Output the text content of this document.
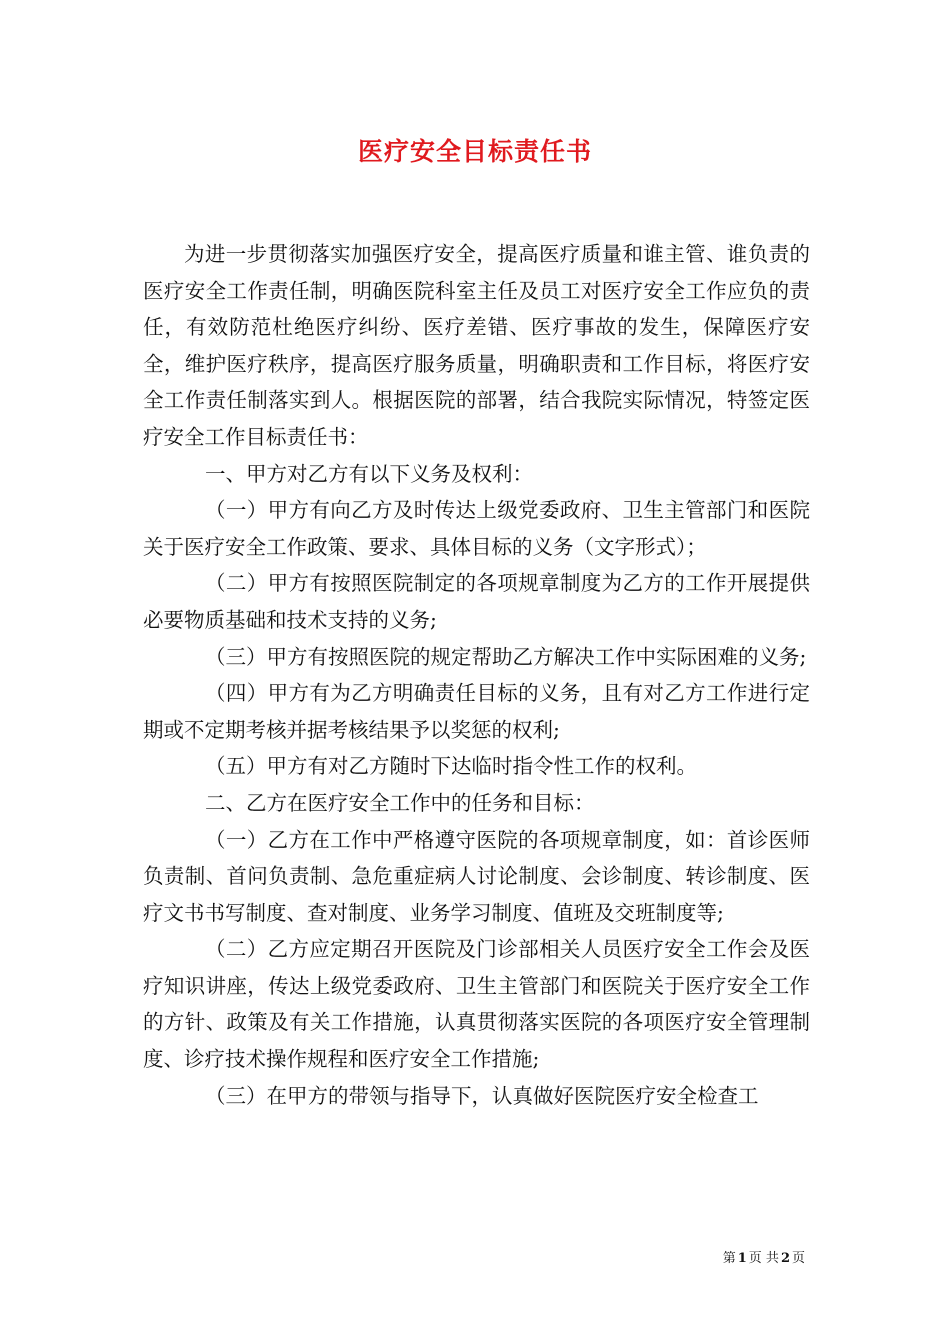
医疗安全目标责任书

为进一步贯彻落实加强医疗安全，提高医疗质量和谁主管、谁负责的医疗安全工作责任制，明确医院科室主任及员工对医疗安全工作应负的责任，有效防范杜绝医疗纠纷、医疗差错、医疗事故的发生，保障医疗安全，维护医疗秩序，提高医疗服务质量，明确职责和工作目标，将医疗安全工作责任制落实到人。根据医院的部署，结合我院实际情况，特签定医疗安全工作目标责任书：

一、甲方对乙方有以下义务及权利：

（一）甲方有向乙方及时传达上级党委政府、卫生主管部门和医院关于医疗安全工作政策、要求、具体目标的义务（文字形式）；

（二）甲方有按照医院制定的各项规章制度为乙方的工作开展提供必要物质基础和技术支持的义务;

（三）甲方有按照医院的规定帮助乙方解决工作中实际困难的义务;

（四）甲方有为乙方明确责任目标的义务，且有对乙方工作进行定期或不定期考核并据考核结果予以奖惩的权利;

（五）甲方有对乙方随时下达临时指令性工作的权利。

二、乙方在医疗安全工作中的任务和目标：

（一）乙方在工作中严格遵守医院的各项规章制度，如：首诊医师负责制、首问负责制、急危重症病人讨论制度、会诊制度、转诊制度、医疗文书书写制度、查对制度、业务学习制度、值班及交班制度等;

（二）乙方应定期召开医院及门诊部相关人员医疗安全工作会及医疗知识讲座，传达上级党委政府、卫生主管部门和医院关于医疗安全工作的方针、政策及有关工作措施，认真贯彻落实医院的各项医疗安全管理制度、诊疗技术操作规程和医疗安全工作措施;

（三）在甲方的带领与指导下，认真做好医院医疗安全检查工

第 1 页 共 2 页
